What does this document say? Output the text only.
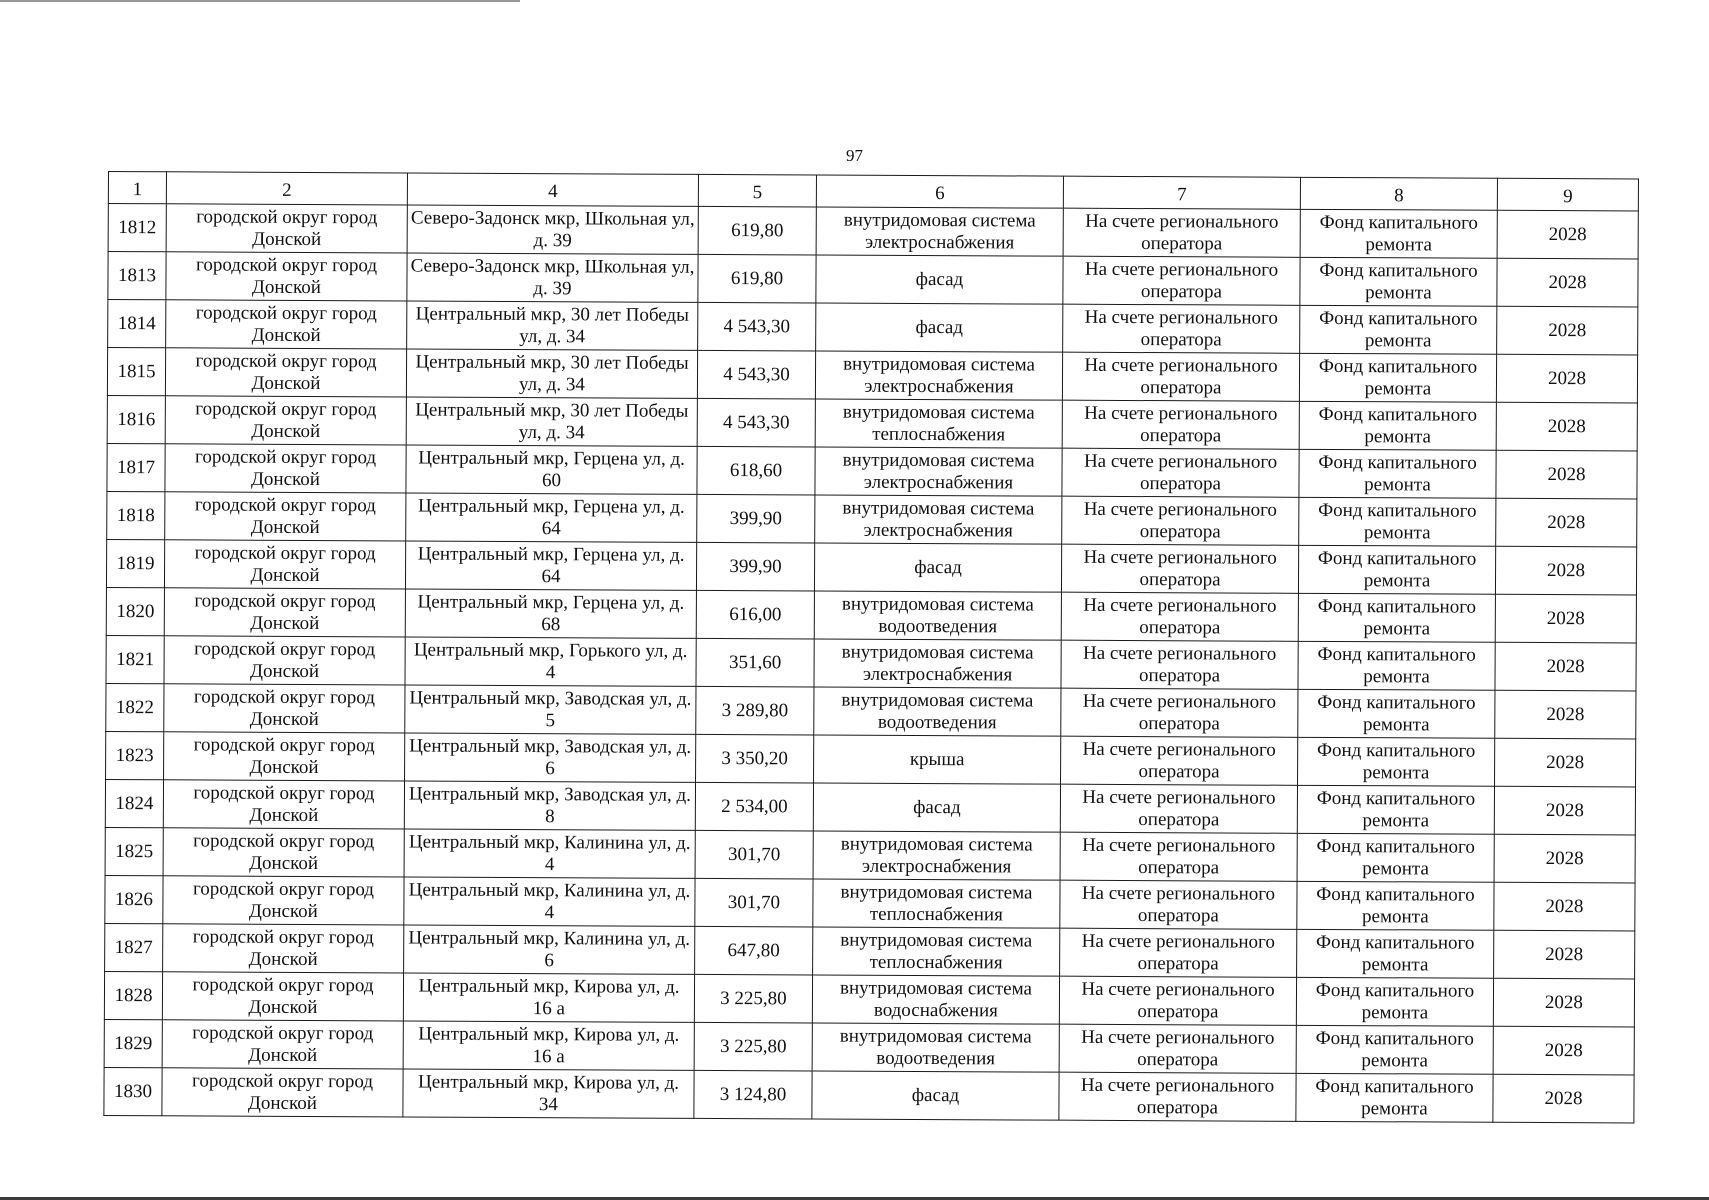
97
1	2	4	5	6	7	8	9
1812	городской округ город Донской	Северо-Задонск мкр, Школьная ул, д. 39	619,80	внутридомовая система электроснабжения	На счете регионального оператора	Фонд капитального ремонта	2028
1813	городской округ город Донской	Северо-Задонск мкр, Школьная ул, д. 39	619,80	фасад	На счете регионального оператора	Фонд капитального ремонта	2028
1814	городской округ город Донской	Центральный мкр, 30 лет Победы ул, д. 34	4 543,30	фасад	На счете регионального оператора	Фонд капитального ремонта	2028
1815	городской округ город Донской	Центральный мкр, 30 лет Победы ул, д. 34	4 543,30	внутридомовая система электроснабжения	На счете регионального оператора	Фонд капитального ремонта	2028
1816	городской округ город Донской	Центральный мкр, 30 лет Победы ул, д. 34	4 543,30	внутридомовая система теплоснабжения	На счете регионального оператора	Фонд капитального ремонта	2028
1817	городской округ город Донской	Центральный мкр, Герцена ул, д. 60	618,60	внутридомовая система электроснабжения	На счете регионального оператора	Фонд капитального ремонта	2028
1818	городской округ город Донской	Центральный мкр, Герцена ул, д. 64	399,90	внутридомовая система электроснабжения	На счете регионального оператора	Фонд капитального ремонта	2028
1819	городской округ город Донской	Центральный мкр, Герцена ул, д. 64	399,90	фасад	На счете регионального оператора	Фонд капитального ремонта	2028
1820	городской округ город Донской	Центральный мкр, Герцена ул, д. 68	616,00	внутридомовая система водоотведения	На счете регионального оператора	Фонд капитального ремонта	2028
1821	городской округ город Донской	Центральный мкр, Горького ул, д. 4	351,60	внутридомовая система электроснабжения	На счете регионального оператора	Фонд капитального ремонта	2028
1822	городской округ город Донской	Центральный мкр, Заводская ул, д. 5	3 289,80	внутридомовая система водоотведения	На счете регионального оператора	Фонд капитального ремонта	2028
1823	городской округ город Донской	Центральный мкр, Заводская ул, д. 6	3 350,20	крыша	На счете регионального оператора	Фонд капитального ремонта	2028
1824	городской округ город Донской	Центральный мкр, Заводская ул, д. 8	2 534,00	фасад	На счете регионального оператора	Фонд капитального ремонта	2028
1825	городской округ город Донской	Центральный мкр, Калинина ул, д. 4	301,70	внутридомовая система электроснабжения	На счете регионального оператора	Фонд капитального ремонта	2028
1826	городской округ город Донской	Центральный мкр, Калинина ул, д. 4	301,70	внутридомовая система теплоснабжения	На счете регионального оператора	Фонд капитального ремонта	2028
1827	городской округ город Донской	Центральный мкр, Калинина ул, д. 6	647,80	внутридомовая система теплоснабжения	На счете регионального оператора	Фонд капитального ремонта	2028
1828	городской округ город Донской	Центральный мкр, Кирова ул, д. 16 а	3 225,80	внутридомовая система водоснабжения	На счете регионального оператора	Фонд капитального ремонта	2028
1829	городской округ город Донской	Центральный мкр, Кирова ул, д. 16 а	3 225,80	внутридомовая система водоотведения	На счете регионального оператора	Фонд капитального ремонта	2028
1830	городской округ город Донской	Центральный мкр, Кирова ул, д. 34	3 124,80	фасад	На счете регионального оператора	Фонд капитального ремонта	2028
